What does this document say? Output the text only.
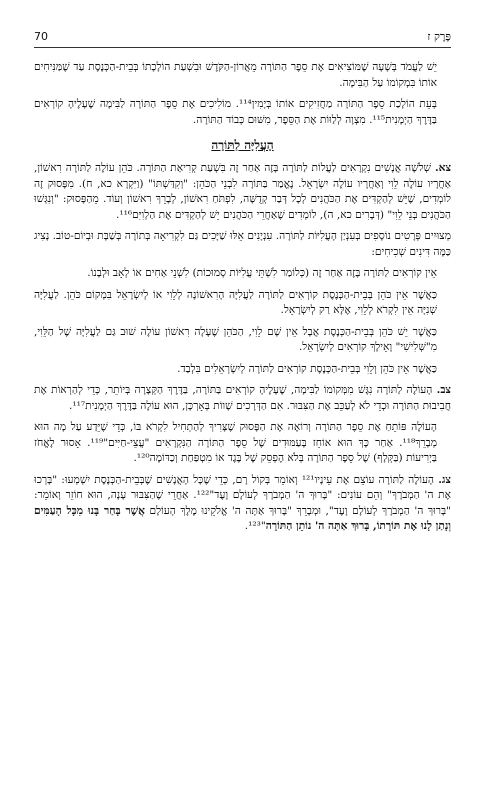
פֶּרֶק ז
70

יֵשׁ לַעֲמֹד בְּשָׁעָה שֶׁמּוֹצִיאִים אֶת סֵפֶר הַתּוֹרָה מֵאֲרוֹן-הַקֹּדֶשׁ וּבִשְׁעַת הוֹלָכָתוֹ בְּבֵית-הַכְּנֶסֶת עַד שֶׁמַּנִּיחִים אוֹתוֹ בִּמְקוֹמוֹ עַל הַבִּימָה.

בְּעֵת הוֹלָכַת סֵפֶר הַתּוֹרָה מַחֲזִיקִים אוֹתוֹ בְּיָמִין¹¹⁴. מוֹלִיכִים אֶת סֵפֶר הַתּוֹרָה לַבִּימָה שֶׁעָלֶיהָ קוֹרְאִים בַּדֶּרֶךְ הַיְמָנִית¹¹⁵. מִצְוָה לְלַוּוֹת אֶת הַסֵּפֶר, מִשּׁוּם כְּבוֹד הַתּוֹרָה.

הָעֲלִיָּה לַתּוֹרָה

צא. שְׁלֹשָׁה אֲנָשִׁים נִקְרָאִים לַעֲלוֹת לַתּוֹרָה בָּזֶה אַחַר זֶה בִּשְׁעַת קְרִיאַת הַתּוֹרָה. כֹּהֵן עוֹלֶה לַתּוֹרָה רִאשׁוֹן, אַחֲרָיו עוֹלֶה לֵוִי וְאַחֲרָיו עוֹלֶה יִשְׂרָאֵל. נֶאֱמַר בַּתּוֹרָה לִבְנֵי הַכֹּהֵן: "וְקִדַּשְׁתּוֹ" (וַיִּקְרָא כא, ח). מִפָּסוּק זֶה לוֹמְדִים, שֶׁיֵּשׁ לְהַקְדִּים אֶת הַכֹּהֲנִים לְכָל דְּבַר קְדֻשָּׁה, לִפְתֹּחַ רִאשׁוֹן, לְבָרֵךְ רִאשׁוֹן וְעוֹד. מֵהַפָּסוּק: "וְנִגְּשׁוּ הַכֹּהֲנִים בְּנֵי לֵוִי" (דְּבָרִים כא, ה), לוֹמְדִים שֶׁאַחֲרֵי הַכֹּהֲנִים יֵשׁ לְהַקְדִּים אֶת הַלְוִיִּם¹¹⁶.

מְצוּיִים פְּרָטִים נוֹסָפִים בְּעִנְיַן הָעֲלִיּוֹת לַתּוֹרָה. עִנְיָנִים אֵלּוּ שַׁיָּכִים גַּם לִקְרִיאָה בְּתוֹרָה בְּשַׁבָּת וּבְיוֹם-טוֹב. נָצִיג כַּמָּה דִּינִים שְׁכִיחִים:

אֵין קוֹרְאִים לַתּוֹרָה בָּזֶה אַחַר זֶה (כְּלוֹמַר לִשְׁתֵּי עֲלִיּוֹת סְמוּכוֹת) לִשְׁנֵי אַחִים אוֹ לְאָב וּלְבָנוֹ.

כַּאֲשֶׁר אֵין כֹּהֵן בְּבֵית-הַכְּנֶסֶת קוֹרְאִים לַתּוֹרָה לַעֲלִיָּה הָרִאשׁוֹנָה לְלֵוִי אוֹ לְיִשְׂרָאֵל בִּמְקוֹם כֹּהֵן. לַעֲלִיָּה שְׁנִיָּה אֵין לִקְרֹא לְלֵוִי, אֶלָּא רַק לְיִשְׂרָאֵל.

כַּאֲשֶׁר יֵשׁ כֹּהֵן בְּבֵית-הַכְּנֶסֶת אֲבָל אֵין שָׁם לֵוִי, הַכֹּהֵן שֶׁעָלָה רִאשׁוֹן עוֹלֶה שׁוּב גַּם לַעֲלִיָּה שֶׁל הַלֵּוִי, מִ"שְּׁלִישִׁי" וָאֵילָךְ קוֹרְאִים לְיִשְׂרָאֵל.

כַּאֲשֶׁר אֵין כֹּהֵן וְלֵוִי בְּבֵית-הַכְּנֶסֶת קוֹרְאִים לַתּוֹרָה לְיִשְׂרְאֵלִים בִּלְבַד.

צב. הָעוֹלֶה לַתּוֹרָה נִגָּשׁ מִמְּקוֹמוֹ לַבִּימָה, שֶׁעָלֶיהָ קוֹרְאִים בַּתּוֹרָה, בַּדֶּרֶךְ הַקְּצָרָה בְּיוֹתֵר, כְּדֵי לְהַרְאוֹת אֶת חֲבִיבוּת הַתּוֹרָה וּכְדֵי לֹא לְעַכֵּב אֶת הַצִּבּוּר. אִם הַדְּרָכִים שָׁווֹת בְּאָרְכָּן, הוּא עוֹלֶה בַּדֶּרֶךְ הַיְמָנִית¹¹⁷.

הָעוֹלֶה פּוֹתֵחַ אֶת סֵפֶר הַתּוֹרָה וְרוֹאֶה אֶת הַפָּסוּק שֶׁצָּרִיךְ לְהַתְחִיל לִקְרֹא בּוֹ, כְּדֵי שֶׁיֵּדַע עַל מָה הוּא מְבָרֵךְ¹¹⁸. אַחַר כָּךְ הוּא אוֹחֵז בָּעַמּוּדִים שֶׁל סֵפֶר הַתּוֹרָה הַנִּקְרָאִים "עֲצֵי-חַיִּים"¹¹⁹. אָסוּר לֶאֱחֹז בַּיְרִיעוֹת (בַּקְּלָף) שֶׁל סֵפֶר הַתּוֹרָה בְּלֹא הֶפְסֵק שֶׁל בֶּגֶד אוֹ מִטְפַּחַת וְכַדּוֹמֶה¹²⁰.

צג. הָעוֹלֶה לַתּוֹרָה עוֹצֵם אֶת עֵינָיו¹²¹ וְאוֹמֵר בְּקוֹל רָם, כְּדֵי שֶׁכָּל הָאֲנָשִׁים שֶׁבְּבֵית-הַכְּנֶסֶת יִשְׁמְעוּ: "בָּרְכוּ אֶת ה' הַמְבֹרָךְ" וְהֵם עוֹנִים: "בָּרוּךְ ה' הַמְבֹרָךְ לְעוֹלָם וָעֶד"¹²². אַחֲרֵי שֶׁהַצִּבּוּר עָנָה, הוּא חוֹזֵר וְאוֹמֵר: "בָּרוּךְ ה' הַמְבֹרָךְ לְעוֹלָם וָעֶד", וּמְבָרֵךְ "בָּרוּךְ אַתָּה ה' אֱלֹקֵינוּ מֶלֶךְ הָעוֹלָם אֲשֶׁר בָּחַר בָּנוּ מִכָּל הָעַמִּים וְנָתַן לָנוּ אֶת תּוֹרָתוֹ, בָּרוּךְ אַתָּה ה' נוֹתֵן הַתּוֹרָה"¹²³.
